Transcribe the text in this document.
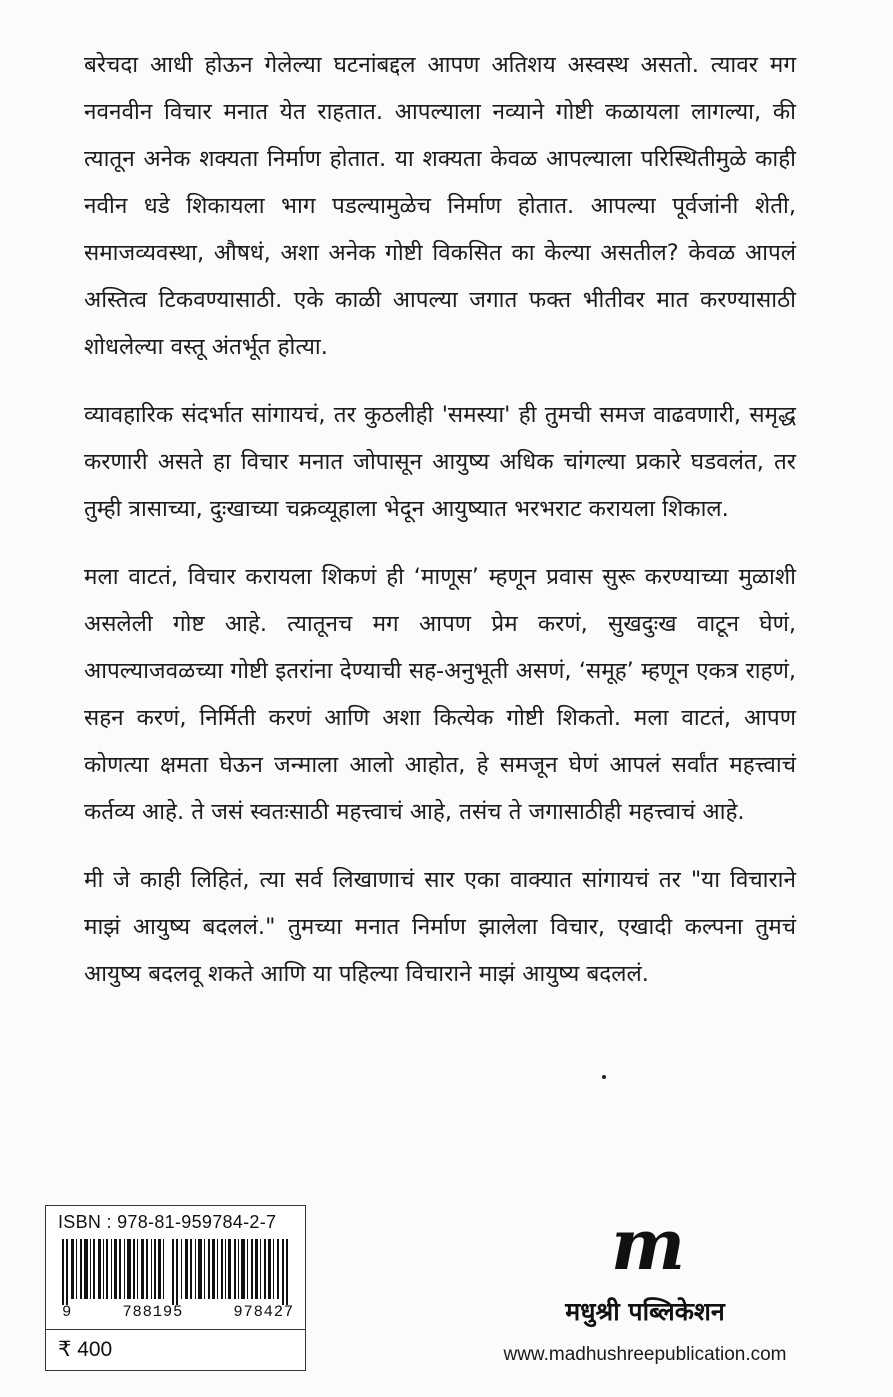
बरेचदा आधी होऊन गेलेल्या घटनांबद्दल आपण अतिशय अस्वस्थ असतो. त्यावर मग नवनवीन विचार मनात येत राहतात. आपल्याला नव्याने गोष्टी कळायला लागल्या, की त्यातून अनेक शक्यता निर्माण होतात. या शक्यता केवळ आपल्याला परिस्थितीमुळे काही नवीन धडे शिकायला भाग पडल्यामुळेच निर्माण होतात. आपल्या पूर्वजांनी शेती, समाजव्यवस्था, औषधं, अशा अनेक गोष्टी विकसित का केल्या असतील? केवळ आपलं अस्तित्व टिकवण्यासाठी. एके काळी आपल्या जगात फक्त भीतीवर मात करण्यासाठी शोधलेल्या वस्तू अंतर्भूत होत्या.

व्यावहारिक संदर्भात सांगायचं, तर कुठलीही 'समस्या' ही तुमची समज वाढवणारी, समृद्ध करणारी असते हा विचार मनात जोपासून आयुष्य अधिक चांगल्या प्रकारे घडवलंत, तर तुम्ही त्रासाच्या, दुःखाच्या चक्रव्यूहाला भेदून आयुष्यात भरभराट करायला शिकाल.

मला वाटतं, विचार करायला शिकणं ही ‘माणूस’ म्हणून प्रवास सुरू करण्याच्या मुळाशी असलेली गोष्ट आहे. त्यातूनच मग आपण प्रेम करणं, सुखदुःख वाटून घेणं, आपल्याजवळच्या गोष्टी इतरांना देण्याची सह-अनुभूती असणं, ‘समूह’ म्हणून एकत्र राहणं, सहन करणं, निर्मिती करणं आणि अशा कित्येक गोष्टी शिकतो. मला वाटतं, आपण कोणत्या क्षमता घेऊन जन्माला आलो आहोत, हे समजून घेणं आपलं सर्वांत महत्त्वाचं कर्तव्य आहे. ते जसं स्वतःसाठी महत्त्वाचं आहे, तसंच ते जगासाठीही महत्त्वाचं आहे.

मी जे काही लिहितं, त्या सर्व लिखाणाचं सार एका वाक्यात सांगायचं तर "या विचाराने माझं आयुष्य बदललं." तुमच्या मनात निर्माण झालेला विचार, एखादी कल्पना तुमचं आयुष्य बदलवू शकते आणि या पहिल्या विचाराने माझं आयुष्य बदललं.

ISBN : 978-81-959784-2-7
9	788195	978427
₹ 400
m
मधुश्री पब्लिकेशन
www.madhushreepublication.com
